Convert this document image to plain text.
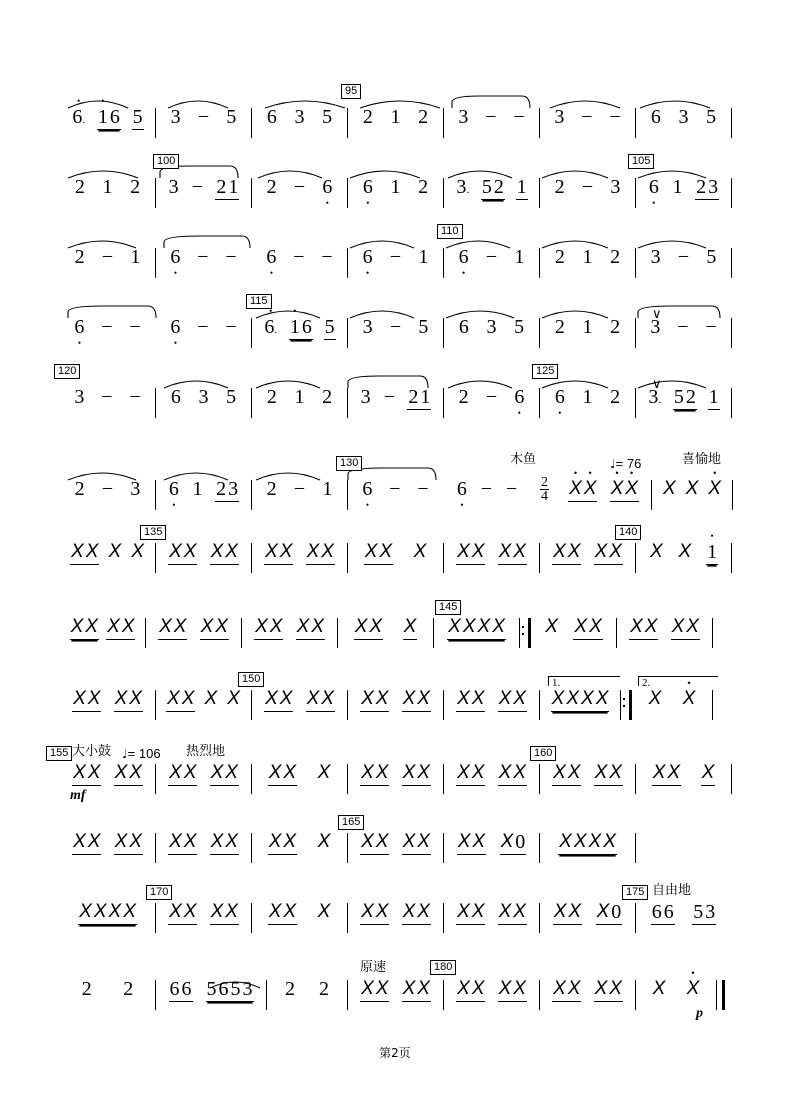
95
• 6. • 1 6 5 3 − 5 6 3 5 2 1 2 3 − − 3 − − 6 3 5
100	105
2 1 2 3 − 2 1 2 − 6 • 6 • 1 2 3. 5 2 1 2 − 3 6 • 1 2 3
110
2 − 1 6 • − − 6 • − − 6 • − 1 6 • − 1 2 1 2 3 − 5
115
∨
6 • − − 6 • − − • 6. • 1 6 5 3 − 5 6 3 5 2 1 2 3 − −
120	125
∨
3 − − 6 3 5 2 1 2 3 − 2 1 2 − 6 • 6 • 1 2 3. 5 2 1
130	木鱼	♩= 76	喜愉地
2 − 3 6 • 1 2 3 2 − 1 6 • − − 6 • − − $\frac{2}{4}$ • X • X • X • X X X • X
135	140
X X X X X X X X X X X X X X X X X X X X X X X X X • 1
145
X X X X X X X X X X X X X X X X X X X X X X X X X X
150	1.	2.
X X X X X X X X X X X X X X X X X X X X X X X X X • X
155 大小鼓 ♩= 106 热烈地	160
mf
X X X X X X X X X X X X X X X X X X X X X X X X X X
165
X X X X X X X X X X X X X X X X X X 0 X X X X
170	175 自由地
X X X X X X X X X X X X X X X X X X X X X X 0 6 6 5 3
原速	180
p
2 2 6 6 5 6 5 3 2 2 X X X X X X X X X X X X X • X
第2页
